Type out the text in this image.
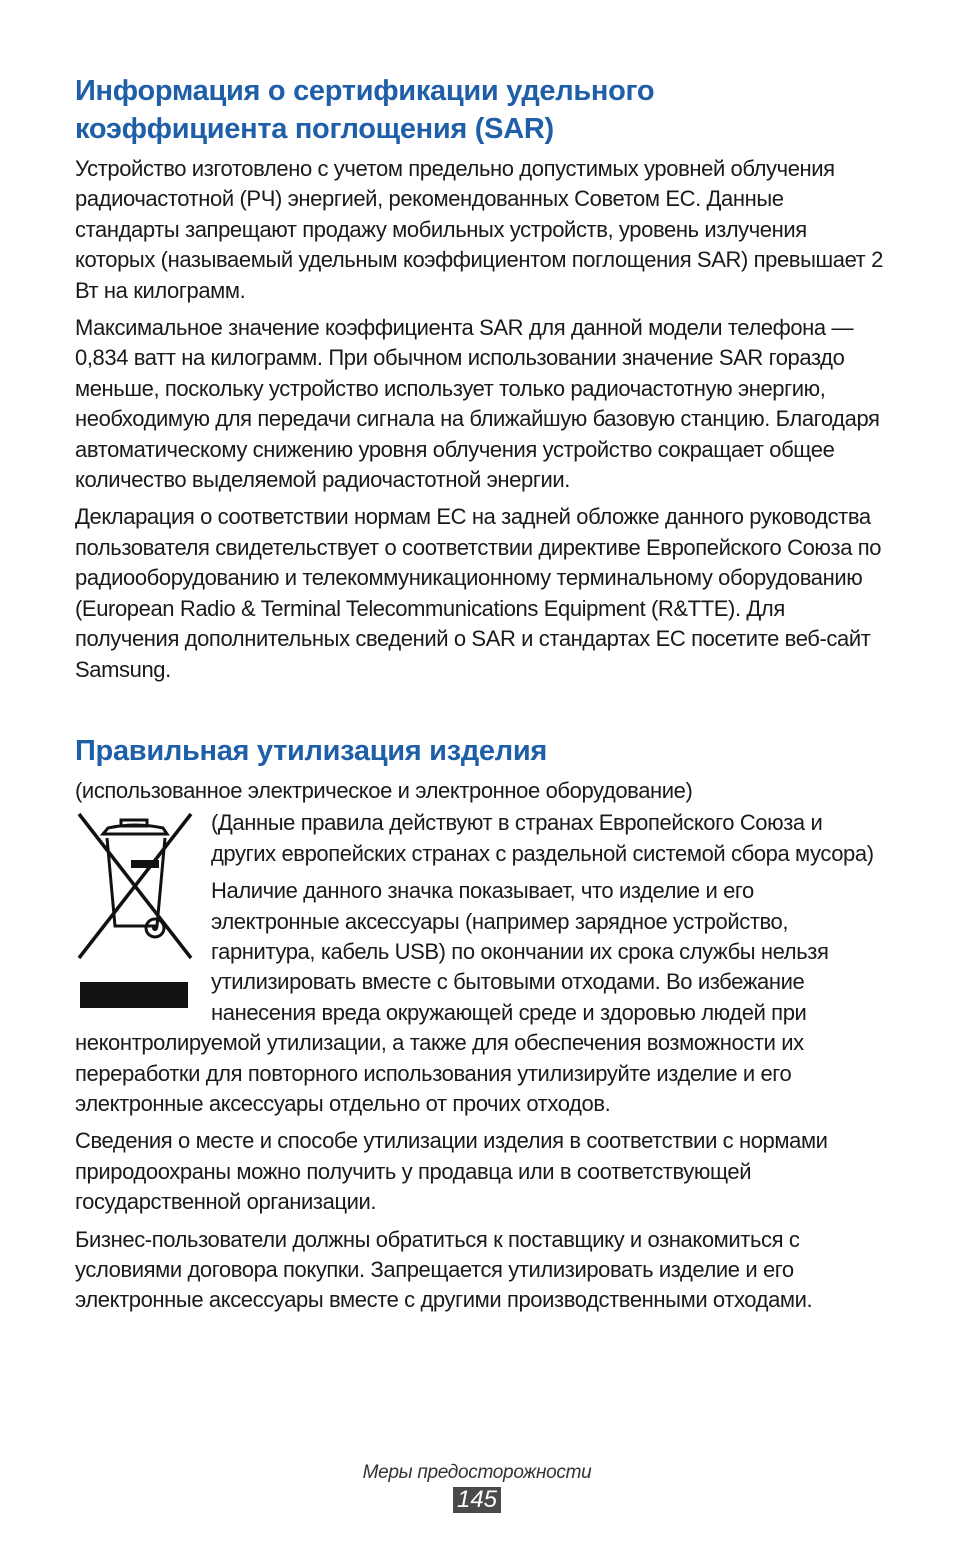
Информация о сертификации удельного
коэффициента поглощения (SAR)

Устройство изготовлено с учетом предельно допустимых уровней облучения радиочастотной (РЧ) энергией, рекомендованных Советом ЕС. Данные стандарты запрещают продажу мобильных устройств, уровень излучения которых (называемый удельным коэффициентом поглощения SAR) превышает 2 Вт на килограмм.

Максимальное значение коэффициента SAR для данной модели телефона — 0,834 ватт на килограмм. При обычном использовании значение SAR гораздо меньше, поскольку устройство использует только радиочастотную энергию, необходимую для передачи сигнала на ближайшую базовую станцию. Благодаря автоматическому снижению уровня облучения устройство сокращает общее количество выделяемой радиочастотной энергии.

Декларация о соответствии нормам ЕС на задней обложке данного руководства пользователя свидетельствует о соответствии директиве Европейского Союза по радиооборудованию и телекоммуникационному терминальному оборудованию (European Radio & Terminal Telecommunications Equipment (R&TTE). Для получения дополнительных сведений о SAR и стандартах ЕС посетите веб-сайт Samsung.

Правильная утилизация изделия

(использованное электрическое и электронное оборудование)

(Данные правила действуют в странах Европейского Союза и других европейских странах с раздельной системой сбора мусора)

Наличие данного значка показывает, что изделие и его электронные аксессуары (например зарядное устройство, гарнитура, кабель USB) по окончании их срока службы нельзя утилизировать вместе с бытовыми отходами. Во избежание нанесения вреда окружающей среде и здоровью людей при неконтролируемой утилизации, а также для обеспечения возможности их переработки для повторного использования утилизируйте изделие и его электронные аксессуары отдельно от прочих отходов.

Сведения о месте и способе утилизации изделия в соответствии с нормами природоохраны можно получить у продавца или в соответствующей государственной организации.

Бизнес-пользователи должны обратиться к поставщику и ознакомиться с условиями договора покупки. Запрещается утилизировать изделие и его электронные аксессуары вместе с другими производственными отходами.

Меры предосторожности
145
